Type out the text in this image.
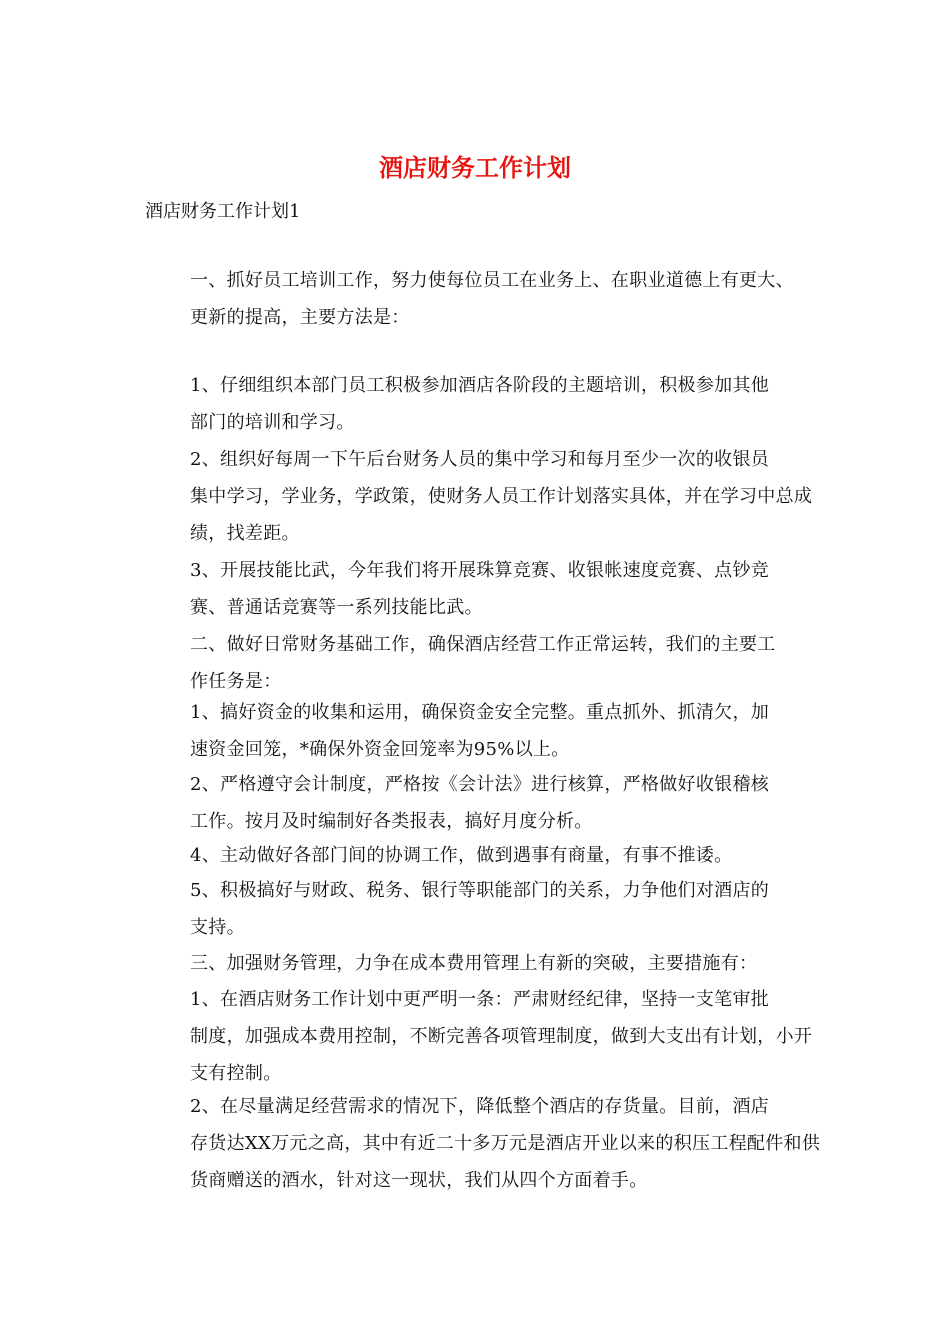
酒店财务工作计划

酒店财务工作计划1

一、抓好员工培训工作，努力使每位员工在业务上、在职业道德上有更大、
更新的提高，主要方法是：

1、仔细组织本部门员工积极参加酒店各阶段的主题培训，积极参加其他
部门的培训和学习。

2、组织好每周一下午后台财务人员的集中学习和每月至少一次的收银员
集中学习，学业务，学政策，使财务人员工作计划落实具体，并在学习中总成
绩，找差距。

3、开展技能比武，今年我们将开展珠算竞赛、收银帐速度竞赛、点钞竞
赛、普通话竞赛等一系列技能比武。

二、做好日常财务基础工作，确保酒店经营工作正常运转，我们的主要工
作任务是：

1、搞好资金的收集和运用，确保资金安全完整。重点抓外、抓清欠，加
速资金回笼，*确保外资金回笼率为95%以上。

2、严格遵守会计制度，严格按《会计法》进行核算，严格做好收银稽核
工作。按月及时编制好各类报表，搞好月度分析。

4、主动做好各部门间的协调工作，做到遇事有商量，有事不推诿。

5、积极搞好与财政、税务、银行等职能部门的关系，力争他们对酒店的
支持。

三、加强财务管理，力争在成本费用管理上有新的突破，主要措施有：

1、在酒店财务工作计划中更严明一条：严肃财经纪律，坚持一支笔审批
制度，加强成本费用控制，不断完善各项管理制度，做到大支出有计划，小开
支有控制。

2、在尽量满足经营需求的情况下，降低整个酒店的存货量。目前，酒店
存货达XX万元之高，其中有近二十多万元是酒店开业以来的积压工程配件和供
货商赠送的酒水，针对这一现状，我们从四个方面着手。
